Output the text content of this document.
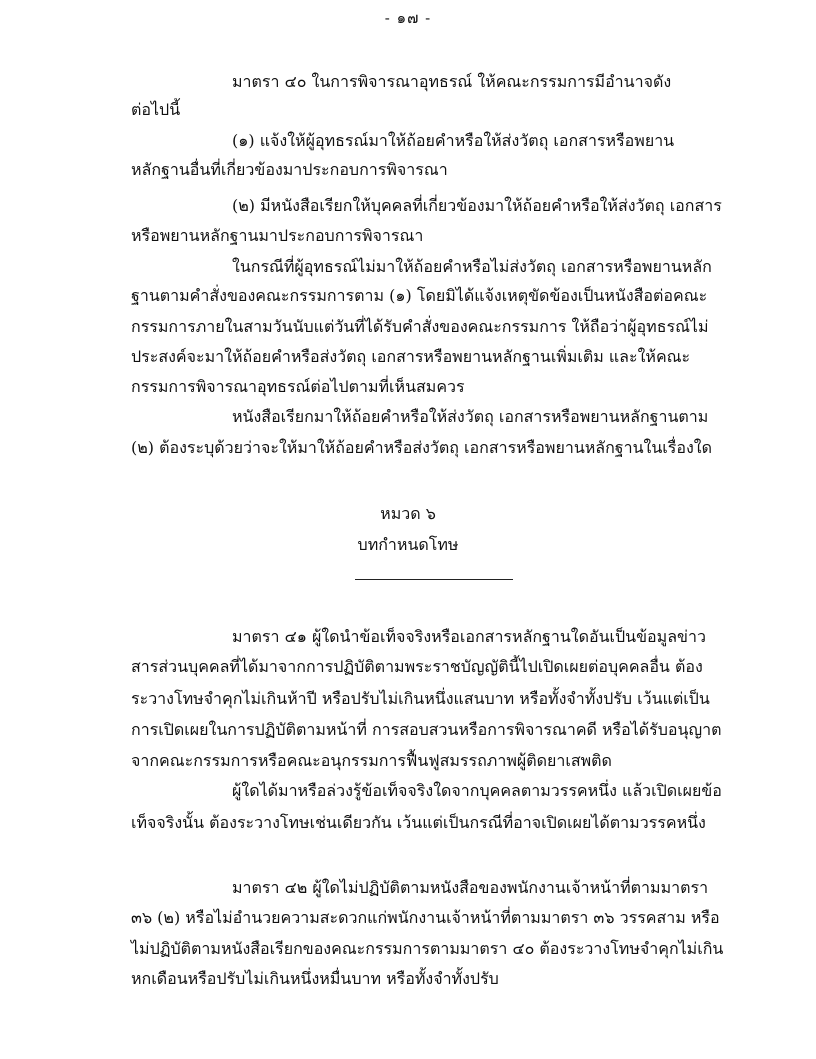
- ๑๗ -
มาตรา ๔๐ ในการพิจารณาอุทธรณ์ ให้คณะกรรมการมีอำนาจดัง
ต่อไปนี้
(๑) แจ้งให้ผู้อุทธรณ์มาให้ถ้อยคำหรือให้ส่งวัตถุ เอกสารหรือพยาน
หลักฐานอื่นที่เกี่ยวข้องมาประกอบการพิจารณา
(๒) มีหนังสือเรียกให้บุคคลที่เกี่ยวข้องมาให้ถ้อยคำหรือให้ส่งวัตถุ เอกสาร
หรือพยานหลักฐานมาประกอบการพิจารณา
ในกรณีที่ผู้อุทธรณ์ไม่มาให้ถ้อยคำหรือไม่ส่งวัตถุ เอกสารหรือพยานหลัก
ฐานตามคำสั่งของคณะกรรมการตาม (๑) โดยมิได้แจ้งเหตุขัดข้องเป็นหนังสือต่อคณะ
กรรมการภายในสามวันนับแต่วันที่ได้รับคำสั่งของคณะกรรมการ ให้ถือว่าผู้อุทธรณ์ไม่
ประสงค์จะมาให้ถ้อยคำหรือส่งวัตถุ เอกสารหรือพยานหลักฐานเพิ่มเติม และให้คณะ
กรรมการพิจารณาอุทธรณ์ต่อไปตามที่เห็นสมควร
หนังสือเรียกมาให้ถ้อยคำหรือให้ส่งวัตถุ เอกสารหรือพยานหลักฐานตาม
(๒) ต้องระบุด้วยว่าจะให้มาให้ถ้อยคำหรือส่งวัตถุ เอกสารหรือพยานหลักฐานในเรื่องใด
หมวด ๖
บทกำหนดโทษ
มาตรา ๔๑ ผู้ใดนำข้อเท็จจริงหรือเอกสารหลักฐานใดอันเป็นข้อมูลข่าว
สารส่วนบุคคลที่ได้มาจากการปฏิบัติตามพระราชบัญญัตินี้ไปเปิดเผยต่อบุคคลอื่น ต้อง
ระวางโทษจำคุกไม่เกินห้าปี หรือปรับไม่เกินหนึ่งแสนบาท หรือทั้งจำทั้งปรับ เว้นแต่เป็น
การเปิดเผยในการปฏิบัติตามหน้าที่ การสอบสวนหรือการพิจารณาคดี หรือได้รับอนุญาต
จากคณะกรรมการหรือคณะอนุกรรมการฟื้นฟูสมรรถภาพผู้ติดยาเสพติด
ผู้ใดได้มาหรือล่วงรู้ข้อเท็จจริงใดจากบุคคลตามวรรคหนึ่ง แล้วเปิดเผยข้อ
เท็จจริงนั้น ต้องระวางโทษเช่นเดียวกัน เว้นแต่เป็นกรณีที่อาจเปิดเผยได้ตามวรรคหนึ่ง
มาตรา ๔๒ ผู้ใดไม่ปฏิบัติตามหนังสือของพนักงานเจ้าหน้าที่ตามมาตรา
๓๖ (๒) หรือไม่อำนวยความสะดวกแก่พนักงานเจ้าหน้าที่ตามมาตรา ๓๖ วรรคสาม หรือ
ไม่ปฏิบัติตามหนังสือเรียกของคณะกรรมการตามมาตรา ๔๐ ต้องระวางโทษจำคุกไม่เกิน
หกเดือนหรือปรับไม่เกินหนึ่งหมื่นบาท หรือทั้งจำทั้งปรับ
